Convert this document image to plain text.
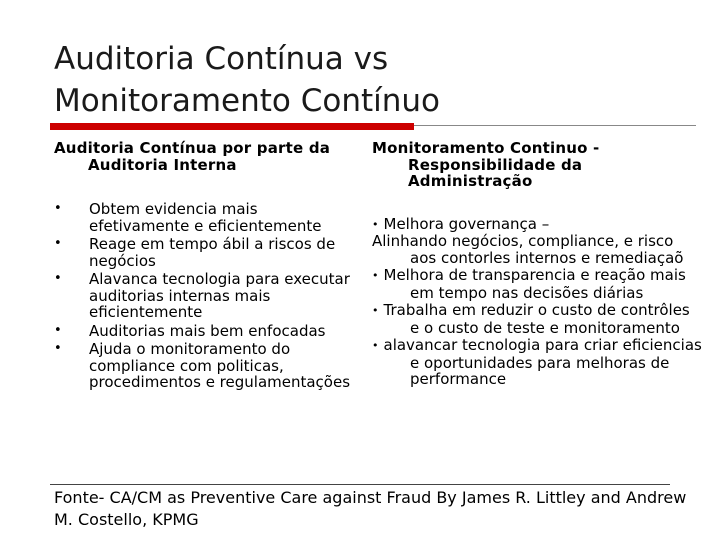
Auditoria Contínua vs
Monitoramento Contínuo

Auditoria Contínua por parte da Auditoria Interna

• Obtem evidencia mais efetivamente e eficientemente
• Reage em tempo ábil a riscos de negócios
• Alavanca tecnologia para executar auditorias internas mais eficientemente
• Auditorias mais bem enfocadas
• Ajuda o monitoramento do compliance com politicas, procedimentos e regulamentações

Monitoramento Continuo - Responsibilidade da Administração

• Melhora governança –
Alinhando negócios, compliance, e risco aos contorles internos e remediaçaõ
• Melhora de transparencia e reação mais em tempo nas decisões diárias
• Trabalha em reduzir o custo de contrôles e o custo de teste e monitoramento
• alavancar tecnologia para criar eficiencias e oportunidades para melhoras de performance

Fonte- CA/CM as Preventive Care against Fraud By James R. Littley and Andrew M. Costello, KPMG
